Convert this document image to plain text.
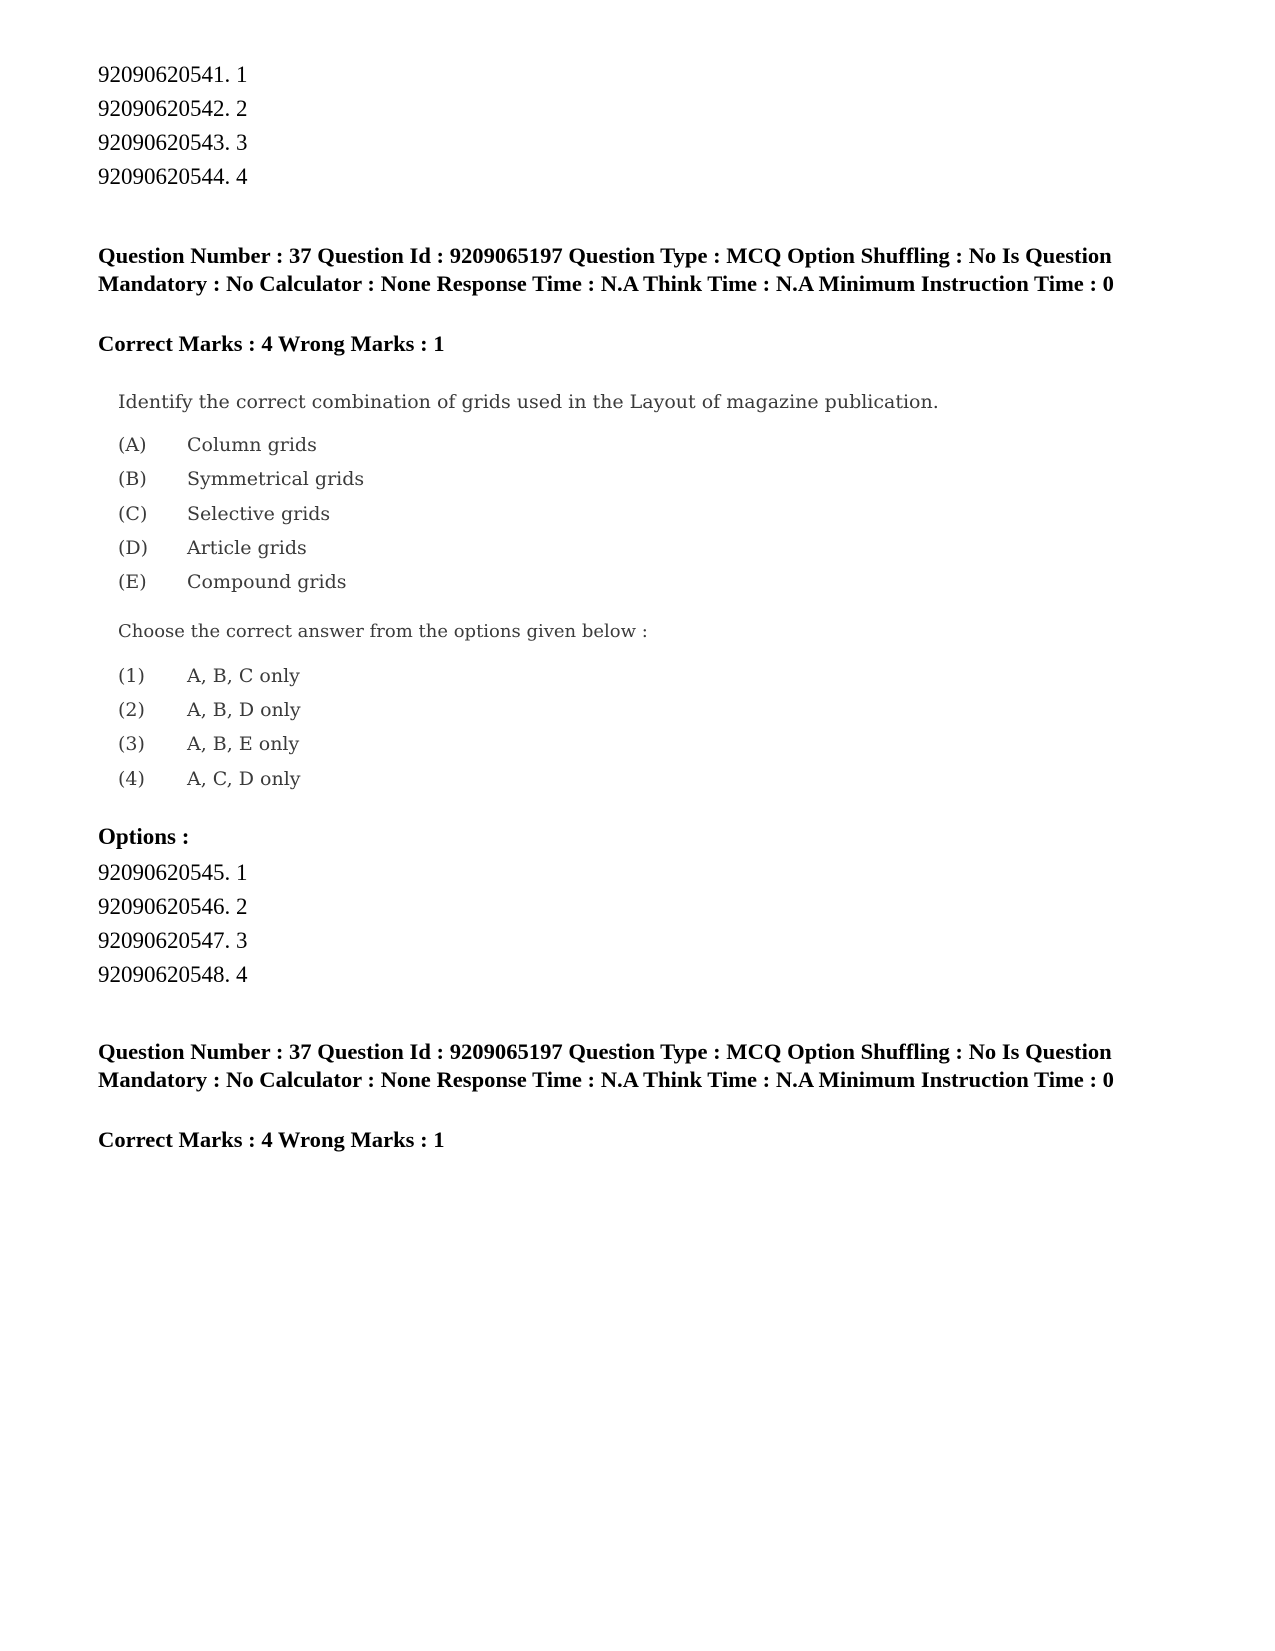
92090620541. 1
92090620542. 2
92090620543. 3
92090620544. 4
Question Number : 37 Question Id : 9209065197 Question Type : MCQ Option Shuffling : No Is Question Mandatory : No Calculator : None Response Time : N.A Think Time : N.A Minimum Instruction Time : 0
Correct Marks : 4 Wrong Marks : 1
Identify the correct combination of grids used in the Layout of magazine publication.
(A) Column grids
(B) Symmetrical grids
(C) Selective grids
(D) Article grids
(E) Compound grids
Choose the correct answer from the options given below :
(1) A, B, C only
(2) A, B, D only
(3) A, B, E only
(4) A, C, D only
Options :
92090620545. 1
92090620546. 2
92090620547. 3
92090620548. 4
Question Number : 37 Question Id : 9209065197 Question Type : MCQ Option Shuffling : No Is Question Mandatory : No Calculator : None Response Time : N.A Think Time : N.A Minimum Instruction Time : 0
Correct Marks : 4 Wrong Marks : 1
